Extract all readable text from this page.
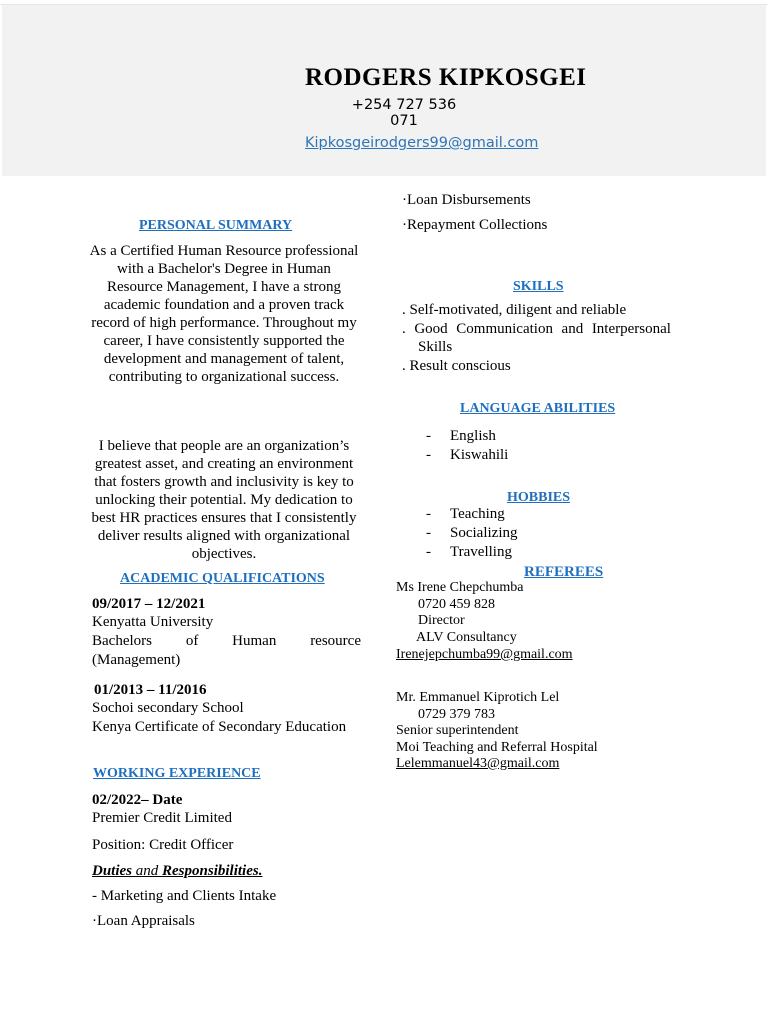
RODGERS KIPKOSGEI
+254 727 536
071
Kipkosgeirodgers99@gmail.com
PERSONAL SUMMARY
As a Certified Human Resource professional with a Bachelor's Degree in Human Resource Management, I have a strong academic foundation and a proven track record of high performance. Throughout my career, I have consistently supported the development and management of talent, contributing to organizational success.
I believe that people are an organization’s greatest asset, and creating an environment that fosters growth and inclusivity is key to unlocking their potential. My dedication to best HR practices ensures that I consistently deliver results aligned with organizational objectives.
ACADEMIC QUALIFICATIONS
09/2017 – 12/2021
Kenyatta University
Bachelors of Human resource
(Management)
01/2013 – 11/2016
Sochoi secondary School
Kenya Certificate of Secondary Education
WORKING EXPERIENCE
02/2022– Date
Premier Credit Limited
Position: Credit Officer
Duties and Responsibilities.
- Marketing and Clients Intake
·Loan Appraisals
·Loan Disbursements
·Repayment Collections
SKILLS
. Self-motivated, diligent and reliable
. Good Communication and Interpersonal
Skills
. Result conscious
LANGUAGE ABILITIES
- English
- Kiswahili
HOBBIES
- Teaching
- Socializing
- Travelling
REFEREES
Ms Irene Chepchumba
0720 459 828
Director
ALV Consultancy
Irenejepchumba99@gmail.com
Mr. Emmanuel Kiprotich Lel
0729 379 783
Senior superintendent
Moi Teaching and Referral Hospital
Lelemmanuel43@gmail.com
